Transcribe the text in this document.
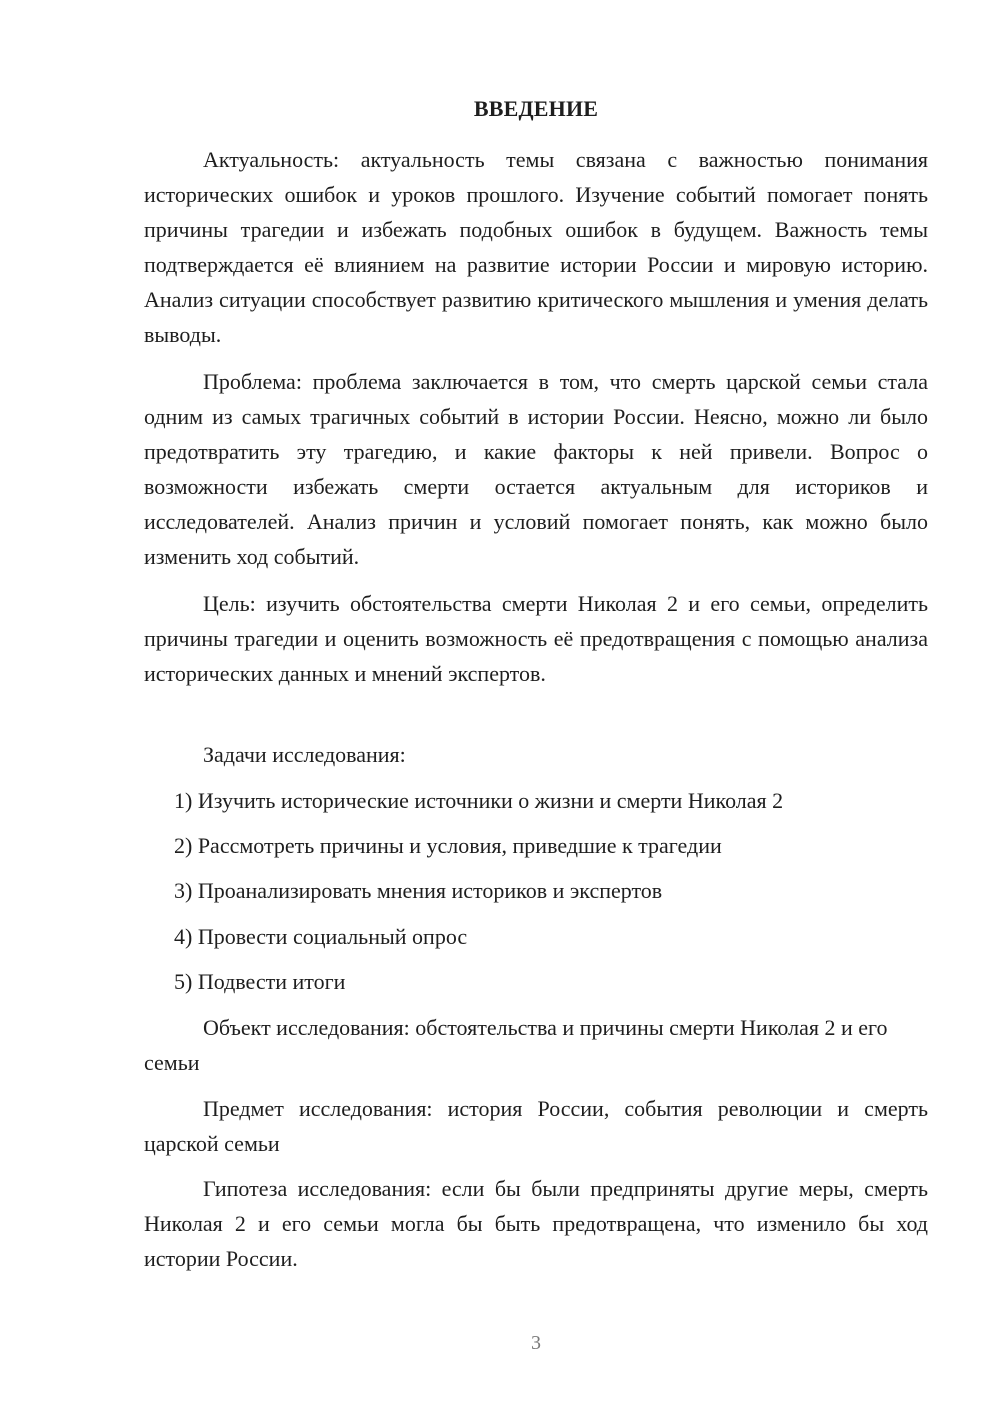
ВВЕДЕНИЕ

Актуальность: актуальность темы связана с важностью понимания исторических ошибок и уроков прошлого. Изучение событий помогает понять причины трагедии и избежать подобных ошибок в будущем. Важность темы подтверждается её влиянием на развитие истории России и мировую историю. Анализ ситуации способствует развитию критического мышления и умения делать выводы.

Проблема: проблема заключается в том, что смерть царской семьи стала одним из самых трагичных событий в истории России. Неясно, можно ли было предотвратить эту трагедию, и какие факторы к ней привели. Вопрос о возможности избежать смерти остается актуальным для историков и исследователей. Анализ причин и условий помогает понять, как можно было изменить ход событий.

Цель: изучить обстоятельства смерти Николая 2 и его семьи, определить причины трагедии и оценить возможность её предотвращения с помощью анализа исторических данных и мнений экспертов.

Задачи исследования:
1) Изучить исторические источники о жизни и смерти Николая 2
2) Рассмотреть причины и условия, приведшие к трагедии
3) Проанализировать мнения историков и экспертов
4) Провести социальный опрос
5) Подвести итоги

Объект исследования: обстоятельства и причины смерти Николая 2 и его семьи

Предмет исследования: история России, события революции и смерть царской семьи

Гипотеза исследования: если бы были предприняты другие меры, смерть Николая 2 и его семьи могла бы быть предотвращена, что изменило бы ход истории России.

3
